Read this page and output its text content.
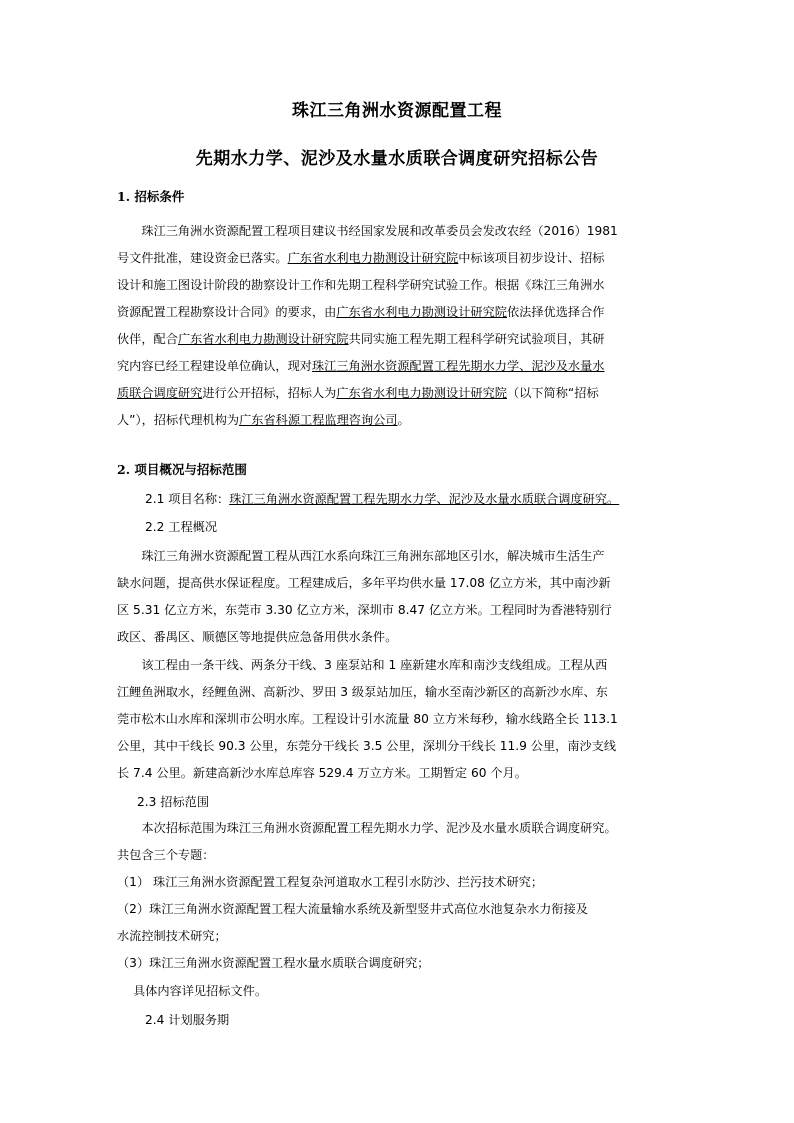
珠江三角洲水资源配置工程
先期水力学、泥沙及水量水质联合调度研究招标公告
1. 招标条件
　　珠江三角洲水资源配置工程项目建议书经国家发展和改革委员会发改农经（2016）1981
号文件批准，建设资金已落实。广东省水利电力勘测设计研究院中标该项目初步设计、招标
设计和施工图设计阶段的勘察设计工作和先期工程科学研究试验工作。根据《珠江三角洲水
资源配置工程勘察设计合同》的要求，由广东省水利电力勘测设计研究院依法择优选择合作
伙伴，配合广东省水利电力勘测设计研究院共同实施工程先期工程科学研究试验项目，其研
究内容已经工程建设单位确认，现对珠江三角洲水资源配置工程先期水力学、泥沙及水量水
质联合调度研究进行公开招标，招标人为广东省水利电力勘测设计研究院（以下简称“招标
人”），招标代理机构为广东省科源工程监理咨询公司。
2. 项目概况与招标范围
2.1 项目名称：珠江三角洲水资源配置工程先期水力学、泥沙及水量水质联合调度研究。
2.2 工程概况
　　珠江三角洲水资源配置工程从西江水系向珠江三角洲东部地区引水，解决城市生活生产
缺水问题，提高供水保证程度。工程建成后，多年平均供水量 17.08 亿立方米，其中南沙新
区 5.31 亿立方米，东莞市 3.30 亿立方米，深圳市 8.47 亿立方米。工程同时为香港特别行
政区、番禺区、顺德区等地提供应急备用供水条件。
　　该工程由一条干线、两条分干线、3 座泵站和 1 座新建水库和南沙支线组成。工程从西
江鲤鱼洲取水，经鲤鱼洲、高新沙、罗田 3 级泵站加压，输水至南沙新区的高新沙水库、东
莞市松木山水库和深圳市公明水库。工程设计引水流量 80 立方米每秒，输水线路全长 113.1
公里，其中干线长 90.3 公里，东莞分干线长 3.5 公里，深圳分干线长 11.9 公里，南沙支线
长 7.4 公里。新建高新沙水库总库容 529.4 万立方米。工期暂定 60 个月。
2.3 招标范围
　　本次招标范围为珠江三角洲水资源配置工程先期水力学、泥沙及水量水质联合调度研究。
共包含三个专题：
（1） 珠江三角洲水资源配置工程复杂河道取水工程引水防沙、拦污技术研究；
（2）珠江三角洲水资源配置工程大流量输水系统及新型竖井式高位水池复杂水力衔接及
水流控制技术研究；
（3）珠江三角洲水资源配置工程水量水质联合调度研究；
具体内容详见招标文件。
2.4 计划服务期
